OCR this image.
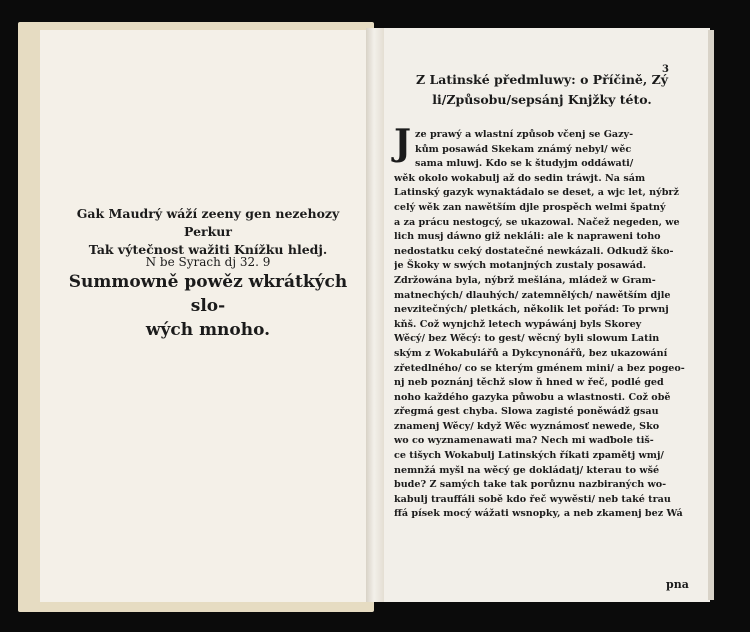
Gak Maudrý wáží zeeny gen nezehozy Perkur
Tak výtečnost wažiti Knížku hledj.
N be Syrach dj 32. 9
Summowně powěz wkrátkých slo-
wých mnoho.
3
Z Latinské předmluwy: o Příčině, Zý
li/Způsobu/sepsánj Knjžky této.
J ze prawý a wlastní způsob včenj se Gazy-
kům posawád Skekam známý nebyl/ wěc
sama mluwj. Kdo se k študyjm oddáwati/
wěk okolo wokabulj až do sedin tráwjt. Na sám
Latinský gazyk wynaktádalo se deset, a wjc let, nýbrž
celý wěk zan nawětším djle prospěch welmi špatný
a za prácu nestogcý, se ukazowal. Načež negeden, we
lich musj dáwno giž nekláli: ale k napraweni toho
nedostatku ceký dostatečné newkázali. Odkudž ško-
je Škoky w swých motanjných zustaly posawád.
Zdržowána byla, nýbrž mešlána, mládež w Gram-
matnechých/ dlauhých/ zatemnělých/ nawětším djle
nevzitečných/ pletkách, několik let pořád: To prwnj
kňš. Což wynjchž letech wypáwánj byls Skorey
Wěcý/ bez Wěcý: to gest/ wěcný byli slowum Latin
ským z Wokabulářů a Dykcynonářů, bez ukazowání
zřetedlného/ co se kterým gménem mini/ a bez pogeo-
nj neb poznánj těchž slow ň hned w řeč, podlé ged
noho každého gazyka půwobu a wlastnosti. Což obě
zřegmá gest chyba. Slowa zagisté poněwádž gsau
znamenj Wěcy/ když Wěc wyznámosť newede, Sko
wo co wyznamenawati ma? Nech mi waďbole tiš-
ce tišych Wokabulj Latinských říkati zpamětj wmj/
nemnžá myšl na wěcý ge dokládatj/ kterau to wšé
bude? Z samých take tak porůznu nazbiraných wo-
kabulj trauffáli sobě kdo řeč wywěsti/ neb také trau
ffá písek mocý wážati wsnopky, a neb zkamenj bez Wá
pna
